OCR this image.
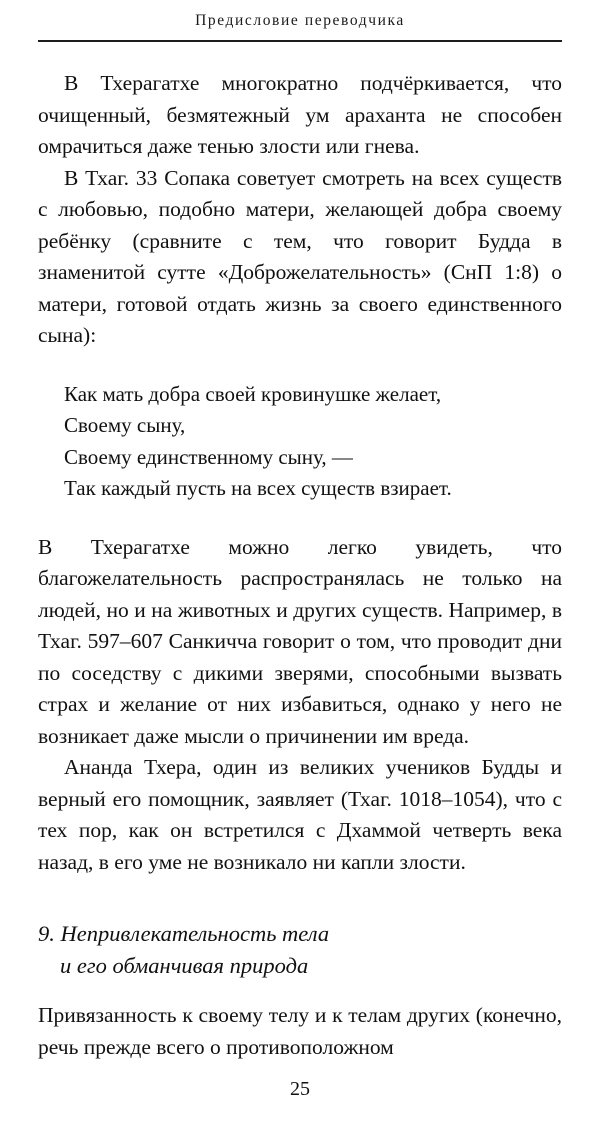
Предисловие переводчика

В Тхерагатхе многократно подчёркивается, что очищенный, безмятежный ум араханта не способен омрачиться даже тенью злости или гнева.

В Тхаг. 33 Сопака советует смотреть на всех существ с любовью, подобно матери, желающей добра своему ребёнку (сравните с тем, что говорит Будда в знаменитой сутте «Доброжелательность» (СнП 1:8) о матери, готовой отдать жизнь за своего единственного сына):

Как мать добра своей кровинушке желает,
Своему сыну,
Своему единственному сыну, —
Так каждый пусть на всех существ взирает.

В Тхерагатхе можно легко увидеть, что благожелательность распространялась не только на людей, но и на животных и других существ. Например, в Тхаг. 597–607 Санкичча говорит о том, что проводит дни по соседству с дикими зверями, способными вызвать страх и желание от них избавиться, однако у него не возникает даже мысли о причинении им вреда.

Ананда Тхера, один из великих учеников Будды и верный его помощник, заявляет (Тхаг. 1018–1054), что с тех пор, как он встретился с Дхаммой четверть века назад, в его уме не возникало ни капли злости.

9. Непривлекательность тела
и его обманчивая природа

Привязанность к своему телу и к телам других (конечно, речь прежде всего о противоположном

25
